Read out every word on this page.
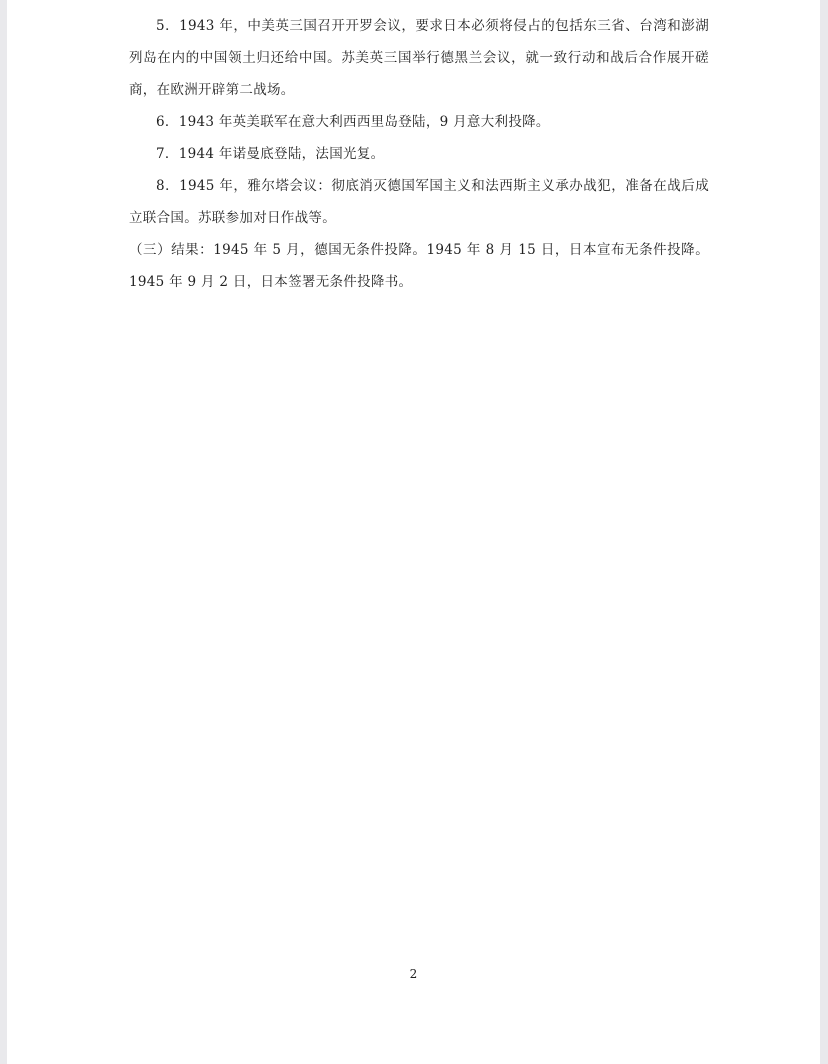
5．1943 年，中美英三国召开开罗会议，要求日本必须将侵占的包括东三省、台湾和澎湖列岛在内的中国领土归还给中国。苏美英三国举行德黑兰会议，就一致行动和战后合作展开磋商，在欧洲开辟第二战场。

6．1943 年英美联军在意大利西西里岛登陆，9 月意大利投降。

7．1944 年诺曼底登陆，法国光复。

8．1945 年，雅尔塔会议：彻底消灭德国军国主义和法西斯主义承办战犯，准备在战后成立联合国。苏联参加对日作战等。

（三）结果：1945 年 5 月，德国无条件投降。1945 年 8 月 15 日，日本宣布无条件投降。1945 年 9 月 2 日，日本签署无条件投降书。

2
